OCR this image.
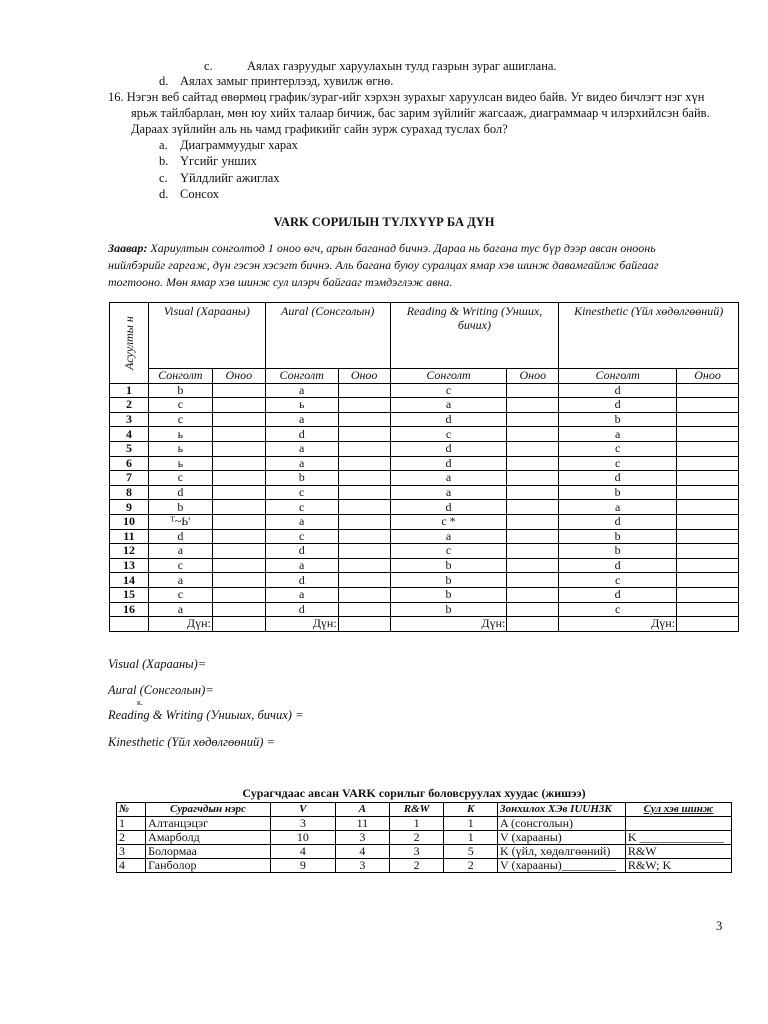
c.	Аялах газруудыг харуулахын тулд газрын зураг ашиглана.
d. Аялах замыг принтерлээд, хувилж өгнө.
16. Нэгэн веб сайтад өвөрмөц график/зураг-ийг хэрхэн зурахыг харуулсан видео байв. Уг видео бичлэгт нэг хүн
ярьж тайлбарлан, мөн юу хийх талаар бичиж, бас зарим зүйлийг жагсааж, диаграммаар ч илэрхийлсэн байв.
Дараах зүйлийн аль нь чамд графикийг сайн зурж сурахад туслах бол?
a. Диаграммуудыг харах
b. Үгсийг унших
c. Үйлдлийг ажиглах
d. Сонсох
VARK СОРИЛЫН ТҮЛХҮҮР БА ДҮН
Заавар: Хариултын сонголтод 1 оноо өгч, арын баганад бичнэ. Дараа нь багана тус бүр дээр авсан оноонь
нийлбэрийг гаргаж, дүн гэсэн хэсэгт бичнэ. Аль багана буюу суралцах ямар хэв шинж давамгайлж байгааг
тогтооно. Мөн ямар хэв шинж сул илэрч байгааг тэмдэглэж авна.
Асуулты н	Visual (Харааны)		Aural (Сонсголын)		Reading & Writing (Унших, бичих)		Kinesthetic (Үйл хөдөлгөөний)	
	Сонголт	Оноо	Сонголт	Оноо	Сонголт	Оноо	Сонголт	Оноо
1	b		a		c		d	
2	c		ь		a		d	
3	c		a		d		b	
4	ь		d		c		a	
5	ь		a		d		c	
6	ь		a		d		c	
7	c		b		a		d	
8	d		c		a		b	
9	b		c		d		a	
10	ᵀ~Ь'		a		c *		d	
11	d		c		a		b	
12	a		d		c		b	
13	c		a		b		d	
14	a		d		b		c	
15	c		a		b		d	
16	a		d		b		c	
	Дүн:		Дүн:		Дүн:		Дүн:	
Visual (Харааны)=
Aural (Сонсголын)=
к.
Reading & Writing (Униыих, бичих) =
Kinesthetic (Үйл хөдөлгөөний) =
Сурагчдаас авсан VARK сорилыг боловсруулах хуудас (жишээ)
№	Сурагчдын нэрс	V	A	R&W	K	Зонхилох ХЭв IUUH3K	Сул хэв шинж
1	Алтанцэцэг	3	11	1	1	A (сонсголын)	
2	Амарболд	10	3	2	1	V (харааны)	K ______________
3	Болормаа	4	4	3	5	K (үйл, хөдөлгөөний)	R&W
4	Ганболор	9	3	2	2	V (харааны)_________	R&W; K
3
